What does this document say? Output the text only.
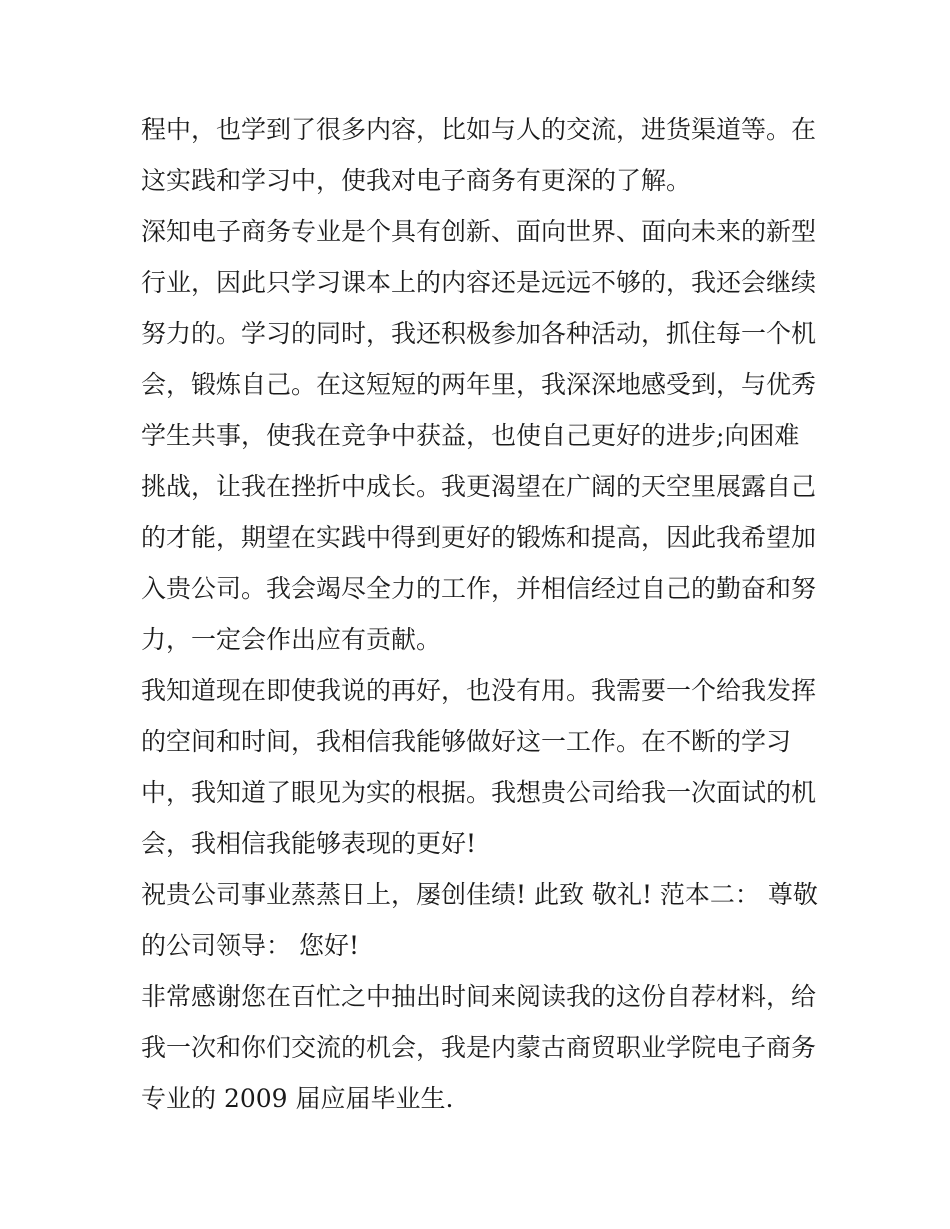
程中，也学到了很多内容，比如与人的交流，进货渠道等。在
这实践和学习中，使我对电子商务有更深的了解。
深知电子商务专业是个具有创新、面向世界、面向未来的新型
行业，因此只学习课本上的内容还是远远不够的，我还会继续
努力的。学习的同时，我还积极参加各种活动，抓住每一个机
会，锻炼自己。在这短短的两年里，我深深地感受到，与优秀
学生共事，使我在竞争中获益，也使自己更好的进步;向困难
挑战，让我在挫折中成长。我更渴望在广阔的天空里展露自己
的才能，期望在实践中得到更好的锻炼和提高，因此我希望加
入贵公司。我会竭尽全力的工作，并相信经过自己的勤奋和努
力，一定会作出应有贡献。
我知道现在即使我说的再好，也没有用。我需要一个给我发挥
的空间和时间，我相信我能够做好这一工作。在不断的学习
中，我知道了眼见为实的根据。我想贵公司给我一次面试的机
会，我相信我能够表现的更好!
祝贵公司事业蒸蒸日上，屡创佳绩! 此致 敬礼! 范本二： 尊敬
的公司领导： 您好!
非常感谢您在百忙之中抽出时间来阅读我的这份自荐材料，给
我一次和你们交流的机会，我是内蒙古商贸职业学院电子商务
专业的 2009 届应届毕业生.
